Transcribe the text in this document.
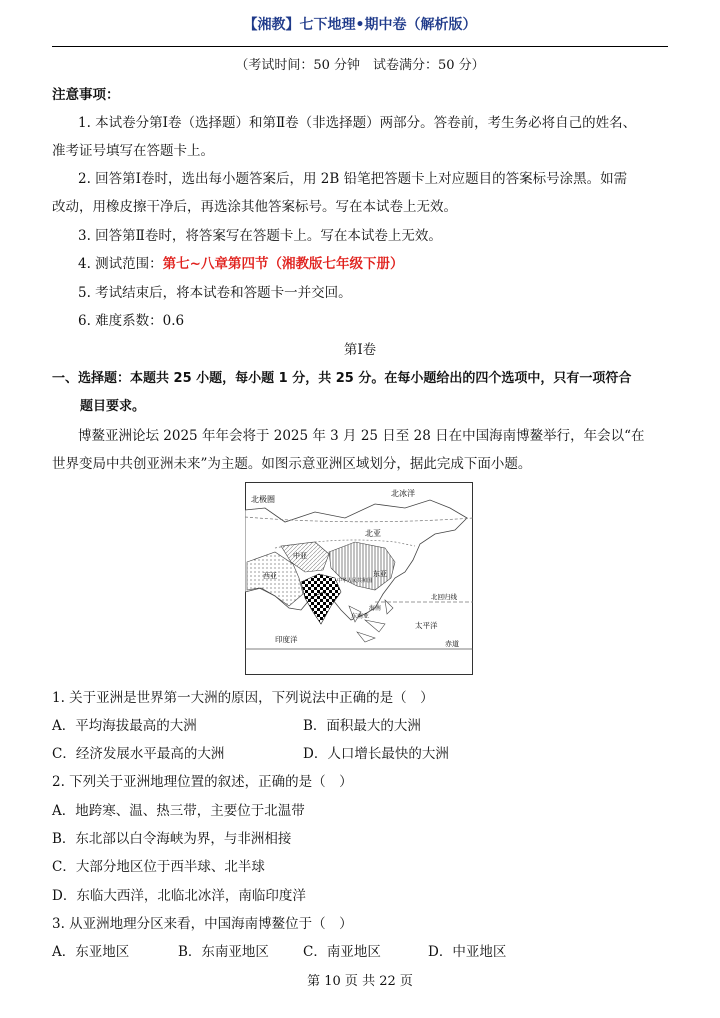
【湘教】七下地理•期中卷（解析版）
（考试时间：50 分钟　试卷满分：50 分）
注意事项：
1. 本试卷分第Ⅰ卷（选择题）和第Ⅱ卷（非选择题）两部分。答卷前，考生务必将自己的姓名、
准考证号填写在答题卡上。
2. 回答第Ⅰ卷时，选出每小题答案后，用 2B 铅笔把答题卡上对应题目的答案标号涂黑。如需
改动，用橡皮擦干净后，再选涂其他答案标号。写在本试卷上无效。
3. 回答第Ⅱ卷时，将答案写在答题卡上。写在本试卷上无效。
4. 测试范围：第七~八章第四节（湘教版七年级下册）
5. 考试结束后，将本试卷和答题卡一并交回。
6. 难度系数：0.6
第Ⅰ卷
一、选择题：本题共 25 小题，每小题 1 分，共 25 分。在每小题给出的四个选项中，只有一项符合
题目要求。
博鳌亚洲论坛 2025 年年会将于 2025 年 3 月 25 日至 28 日在中国海南博鳌举行，年会以“在
世界变局中共创亚洲未来”为主题。如图示意亚洲区域划分，据此完成下面小题。
北极圈
北冰洋
北亚
中亚
西亚	东亚
中华人民共和国
北回归线
东南亚
海南
太平洋
印度洋	赤道
1. 关于亚洲是世界第一大洲的原因，下列说法中正确的是（　）
A．平均海拔最高的大洲	B．面积最大的大洲
C．经济发展水平最高的大洲	D．人口增长最快的大洲
2. 下列关于亚洲地理位置的叙述，正确的是（　）
A．地跨寒、温、热三带，主要位于北温带
B．东北部以白令海峡为界，与非洲相接
C．大部分地区位于西半球、北半球
D．东临大西洋，北临北冰洋，南临印度洋
3. 从亚洲地理分区来看，中国海南博鳌位于（　）
A．东亚地区	B．东南亚地区	C．南亚地区	D．中亚地区
第 10 页 共 22 页
